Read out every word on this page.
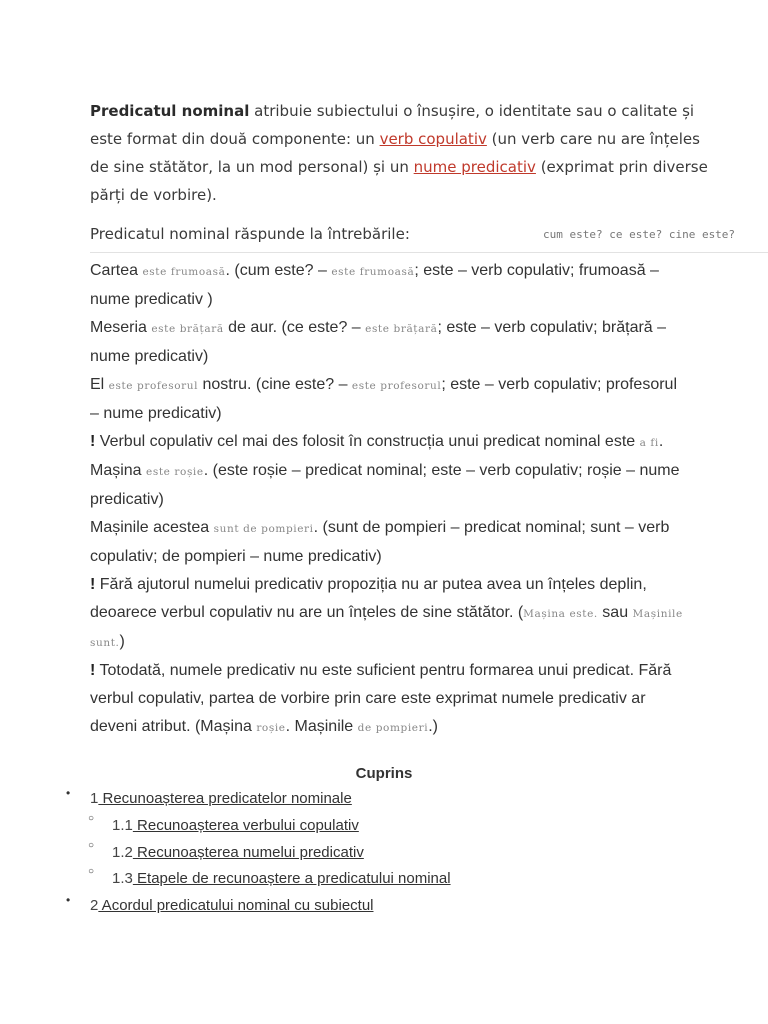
Predicatul nominal atribuie subiectului o însușire, o identitate sau o calitate și este format din două componente: un verb copulativ (un verb care nu are înțeles de sine stătător, la un mod personal) și un nume predicativ (exprimat prin diverse părți de vorbire).
Predicatul nominal răspunde la întrebările:	cum este? ce este? cine este?

Cartea este frumoasă. (cum este? – este frumoasă; este – verb copulativ; frumoasă – nume predicativ )

Meseria este brățară de aur. (ce este? – este brățară; este – verb copulativ; brățară – nume predicativ)

El este profesorul nostru. (cine este? – este profesorul; este – verb copulativ; profesorul – nume predicativ)

! Verbul copulativ cel mai des folosit în construcția unui predicat nominal este a fi.

Mașina este roșie. (este roșie – predicat nominal; este – verb copulativ; roșie – nume predicativ)

Mașinile acestea sunt de pompieri. (sunt de pompieri – predicat nominal; sunt – verb copulativ; de pompieri – nume predicativ)

! Fără ajutorul numelui predicativ propoziția nu ar putea avea un înțeles deplin, deoarece verbul copulativ nu are un înțeles de sine stătător. (Mașina este. sau Mașinile sunt.)

! Totodată, numele predicativ nu este suficient pentru formarea unui predicat. Fără verbul copulativ, partea de vorbire prin care este exprimat numele predicativ ar deveni atribut. (Mașina roșie. Mașinile de pompieri.)

Cuprins
• 1 Recunoașterea predicatelor nominale
○ 1.1 Recunoașterea verbului copulativ
○ 1.2 Recunoașterea numelui predicativ
○ 1.3 Etapele de recunoaștere a predicatului nominal
• 2 Acordul predicatului nominal cu subiectul
